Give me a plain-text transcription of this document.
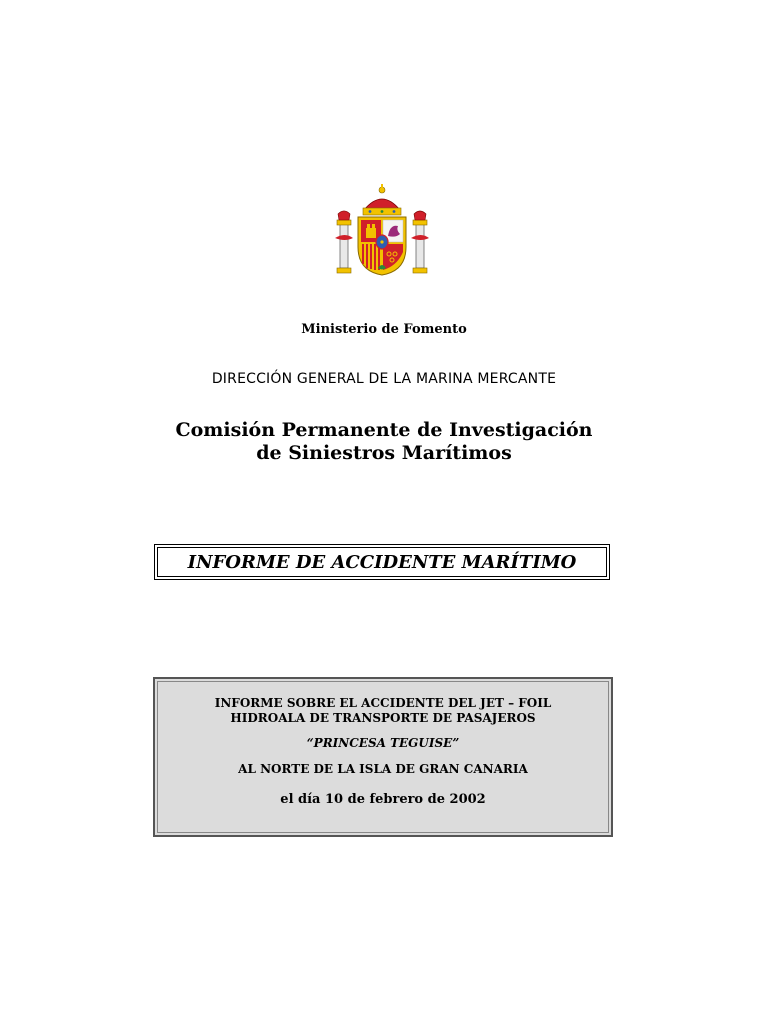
Ministerio de Fomento
DIRECCIÓN GENERAL DE LA MARINA MERCANTE
Comisión Permanente de Investigación
de Siniestros Marítimos
INFORME DE ACCIDENTE MARÍTIMO
INFORME SOBRE EL ACCIDENTE DEL JET – FOIL
HIDROALA DE TRANSPORTE DE PASAJEROS
“PRINCESA TEGUISE”
AL NORTE DE LA ISLA DE GRAN CANARIA
el día 10 de febrero de 2002
